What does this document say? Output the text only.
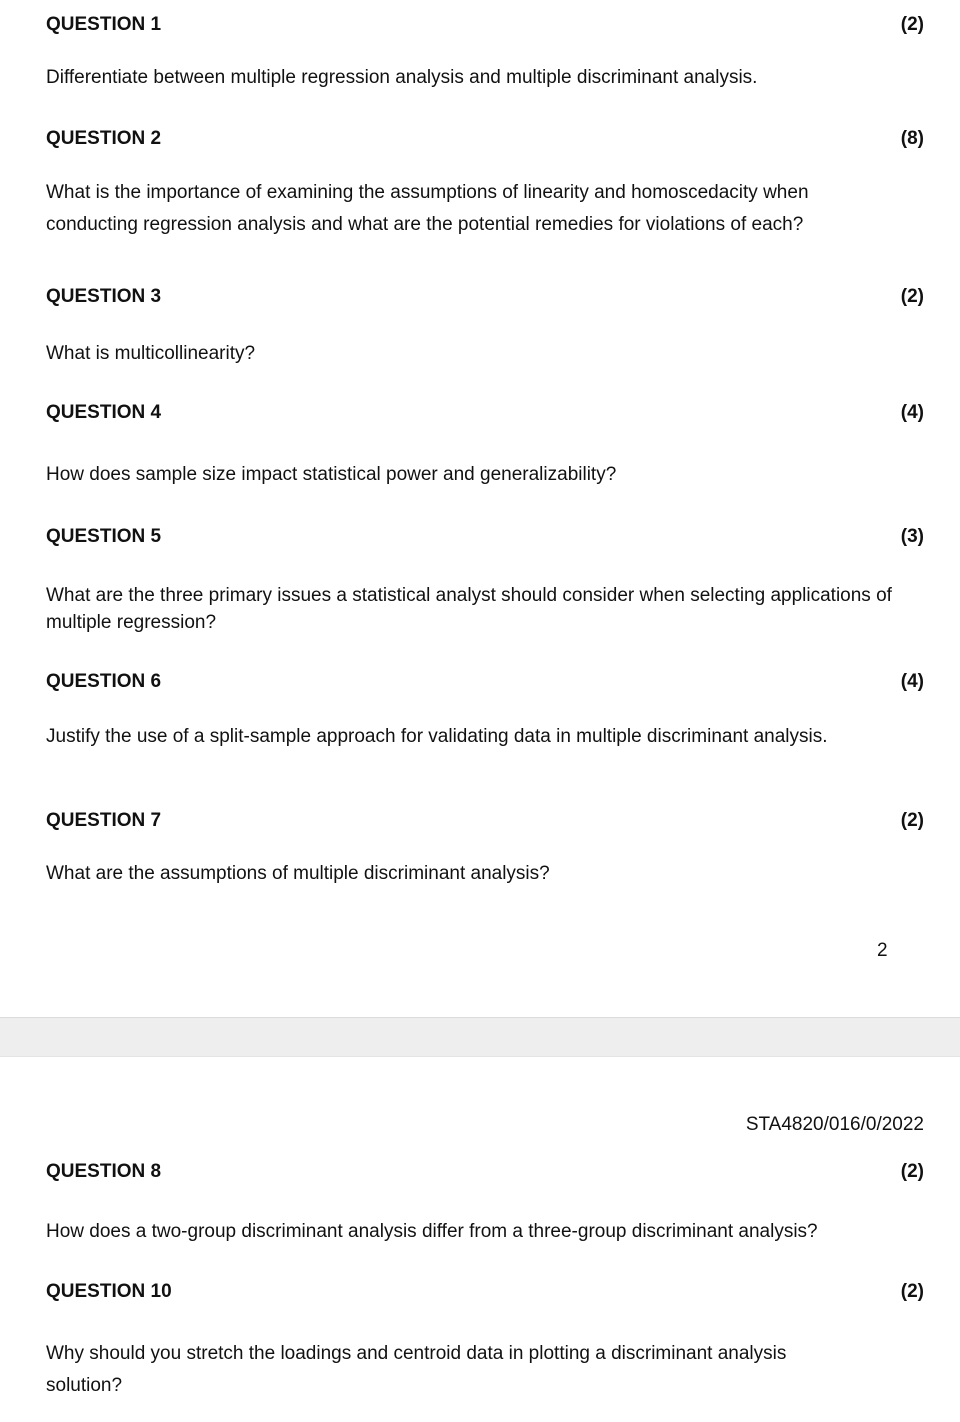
QUESTION 1	(2)
Differentiate between multiple regression analysis and multiple discriminant analysis.
QUESTION 2	(8)
What is the importance of examining the assumptions of linearity and homoscedacity when conducting regression analysis and what are the potential remedies for violations of each?
QUESTION 3	(2)
What is multicollinearity?
QUESTION 4	(4)
How does sample size impact statistical power and generalizability?
QUESTION 5	(3)
What are the three primary issues a statistical analyst should consider when selecting applications of multiple regression?
QUESTION 6	(4)
Justify the use of a split-sample approach for validating data in multiple discriminant analysis.
QUESTION 7	(2)
What are the assumptions of multiple discriminant analysis?
2
STA4820/016/0/2022
QUESTION 8	(2)
How does a two-group discriminant analysis differ from a three-group discriminant analysis?
QUESTION 10	(2)
Why should you stretch the loadings and centroid data in plotting a discriminant analysis solution?
